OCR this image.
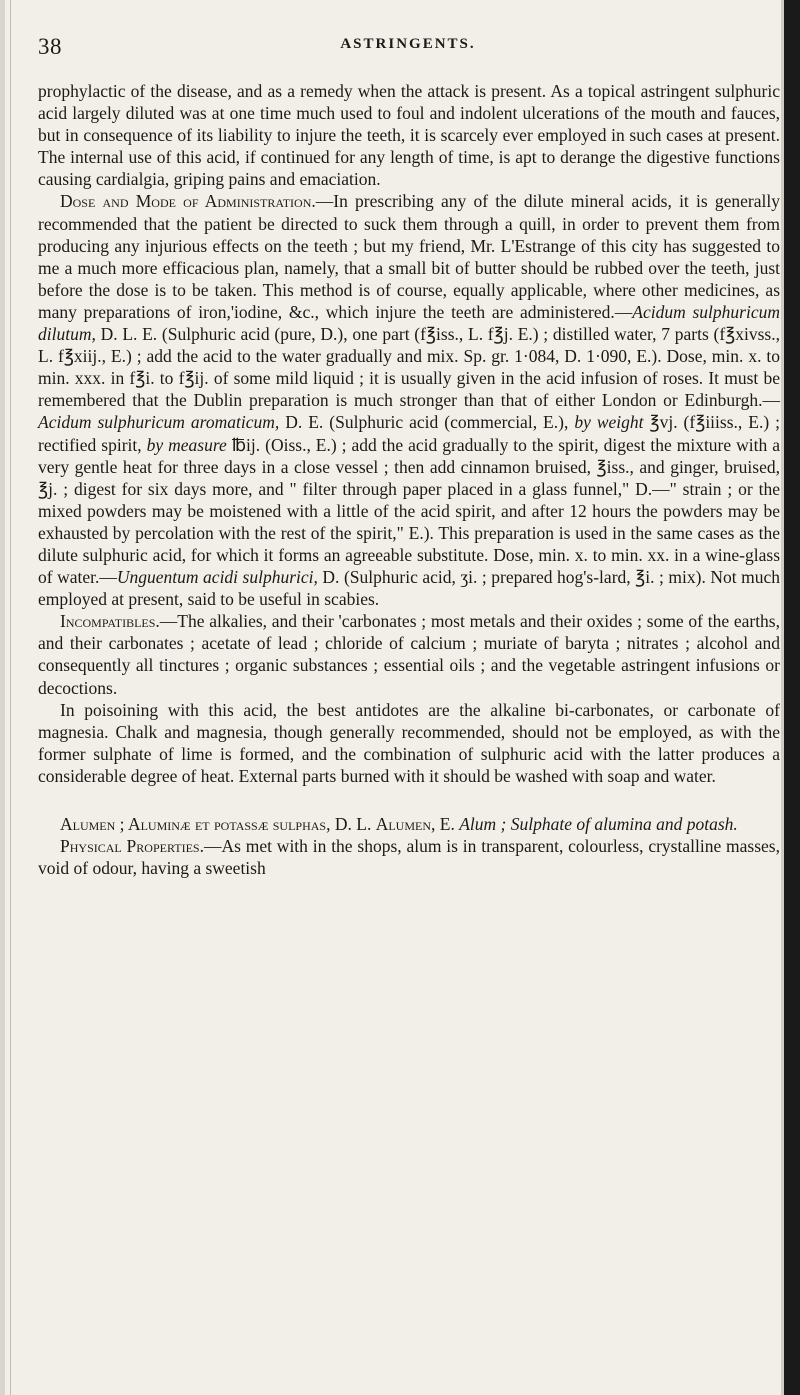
38	ASTRINGENTS.

prophylactic of the disease, and as a remedy when the attack is present. As a topical astringent sulphuric acid largely diluted was at one time much used to foul and indolent ulcerations of the mouth and fauces, but in consequence of its liability to injure the teeth, it is scarcely ever employed in such cases at present. The internal use of this acid, if continued for any length of time, is apt to derange the digestive functions causing cardialgia, griping pains and emaciation.

Dose and Mode of Administration.—In prescribing any of the dilute mineral acids, it is generally recommended that the patient be directed to suck them through a quill, in order to prevent them from producing any injurious effects on the teeth ; but my friend, Mr. L'Estrange of this city has suggested to me a much more efficacious plan, namely, that a small bit of butter should be rubbed over the teeth, just before the dose is to be taken. This method is of course, equally applicable, where other medicines, as many preparations of iron,'iodine, &c., which injure the teeth are administered.—Acidum sulphuricum dilutum, D. L. E. (Sulphuric acid (pure, D.), one part (f℥iss., L. f℥j. E.) ; distilled water, 7 parts (f℥xivss., L. f℥xiij., E.) ; add the acid to the water gradually and mix. Sp. gr. 1·084, D. 1·090, E.). Dose, min. x. to min. xxx. in f℥i. to f℥ij. of some mild liquid ; it is usually given in the acid infusion of roses. It must be remembered that the Dublin preparation is much stronger than that of either London or Edinburgh.—Acidum sulphuricum aromaticum, D. E. (Sulphuric acid (commercial, E.), by weight ℥vj. (f℥iiiss., E.) ; rectified spirit, by measure ℔ij. (Oiss., E.) ; add the acid gradually to the spirit, digest the mixture with a very gentle heat for three days in a close vessel ; then add cinnamon bruised, ℥iss., and ginger, bruised, ℥j. ; digest for six days more, and " filter through paper placed in a glass funnel," D.—" strain ; or the mixed powders may be moistened with a little of the acid spirit, and after 12 hours the powders may be exhausted by percolation with the rest of the spirit," E.). This preparation is used in the same cases as the dilute sulphuric acid, for which it forms an agreeable substitute. Dose, min. x. to min. xx. in a wine-glass of water.—Unguentum acidi sulphurici, D. (Sulphuric acid, ʒi. ; prepared hog's-lard, ℥i. ; mix). Not much employed at present, said to be useful in scabies.

Incompatibles.—The alkalies, and their 'carbonates ; most metals and their oxides ; some of the earths, and their carbonates ; acetate of lead ; chloride of calcium ; muriate of baryta ; nitrates ; alcohol and consequently all tinctures ; organic substances ; essential oils ; and the vegetable astringent infusions or decoctions.

In poisoining with this acid, the best antidotes are the alkaline bi-carbonates, or carbonate of magnesia. Chalk and magnesia, though generally recommended, should not be employed, as with the former sulphate of lime is formed, and the combination of sulphuric acid with the latter produces a considerable degree of heat. External parts burned with it should be washed with soap and water.

Alumen ; Aluminæ et potassæ sulphas, D. L. Alumen, E. Alum ; Sulphate of alumina and potash.

Physical Properties.—As met with in the shops, alum is in transparent, colourless, crystalline masses, void of odour, having a sweetish
